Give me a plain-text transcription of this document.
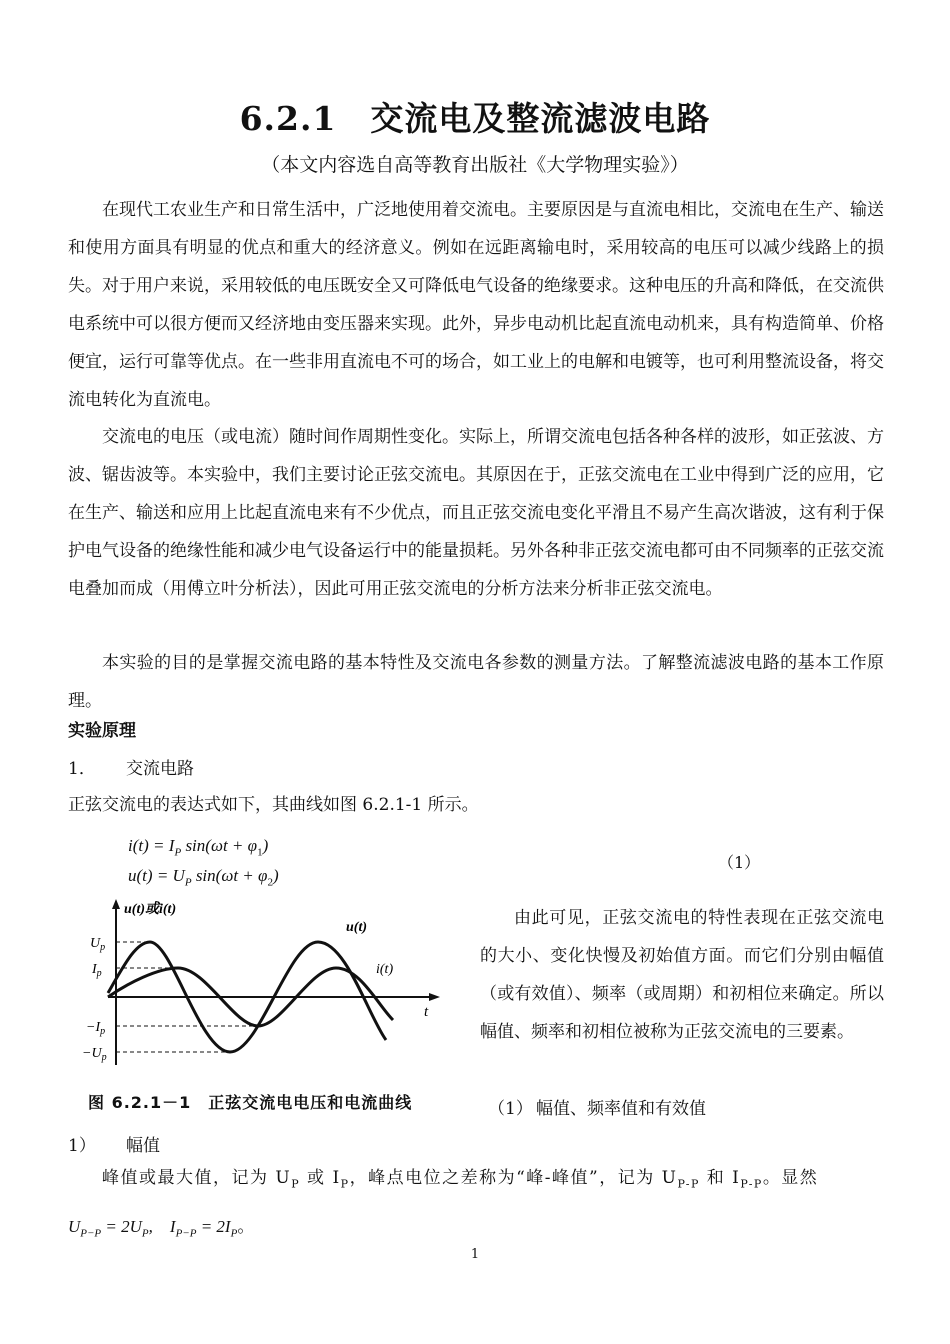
6.2.1　交流电及整流滤波电路
（本文内容选自高等教育出版社《大学物理实验》）

在现代工农业生产和日常生活中，广泛地使用着交流电。主要原因是与直流电相比，交流电在生产、输送和使用方面具有明显的优点和重大的经济意义。例如在远距离输电时，采用较高的电压可以减少线路上的损失。对于用户来说，采用较低的电压既安全又可降低电气设备的绝缘要求。这种电压的升高和降低，在交流供电系统中可以很方便而又经济地由变压器来实现。此外，异步电动机比起直流电动机来，具有构造简单、价格便宜，运行可靠等优点。在一些非用直流电不可的场合，如工业上的电解和电镀等，也可利用整流设备，将交流电转化为直流电。

交流电的电压（或电流）随时间作周期性变化。实际上，所谓交流电包括各种各样的波形，如正弦波、方波、锯齿波等。本实验中，我们主要讨论正弦交流电。其原因在于，正弦交流电在工业中得到广泛的应用，它在生产、输送和应用上比起直流电来有不少优点，而且正弦交流电变化平滑且不易产生高次谐波，这有利于保护电气设备的绝缘性能和减少电气设备运行中的能量损耗。另外各种非正弦交流电都可由不同频率的正弦交流电叠加而成（用傅立叶分析法），因此可用正弦交流电的分析方法来分析非正弦交流电。

本实验的目的是掌握交流电路的基本特性及交流电各参数的测量方法。了解整流滤波电路的基本工作原理。

实验原理
1． 交流电路
正弦交流电的表达式如下，其曲线如图 6.2.1-1 所示。
$i(t) = I_P$ $\sin(\omega t + \varphi_1)$
$u(t) = U_P$ $\sin(\omega t + \varphi_2)$
（1）
u(t)或i(t)
t
u(t)
i(t)
$U_p$
$I_p$
$-I_p$
$-U_p$
图 6.2.1－1　正弦交流电电压和电流曲线

由此可见，正弦交流电的特性表现在正弦交流电的大小、变化快慢及初始值方面。而它们分别由幅值（或有效值）、频率（或周期）和初相位来确定。所以幅值、频率和初相位被称为正弦交流电的三要素。

（1） 幅值、频率值和有效值
1） 幅值

峰值或最大值，记为 $U_P$ 或 $I_P$，峰点电位之差称为“峰-峰值”，记为 $U_{P-P}$ 和 $I_{P-P}$。显然

$U_{P-P} = 2U_P$,　$I_{P-P} = 2I_P$。
1
